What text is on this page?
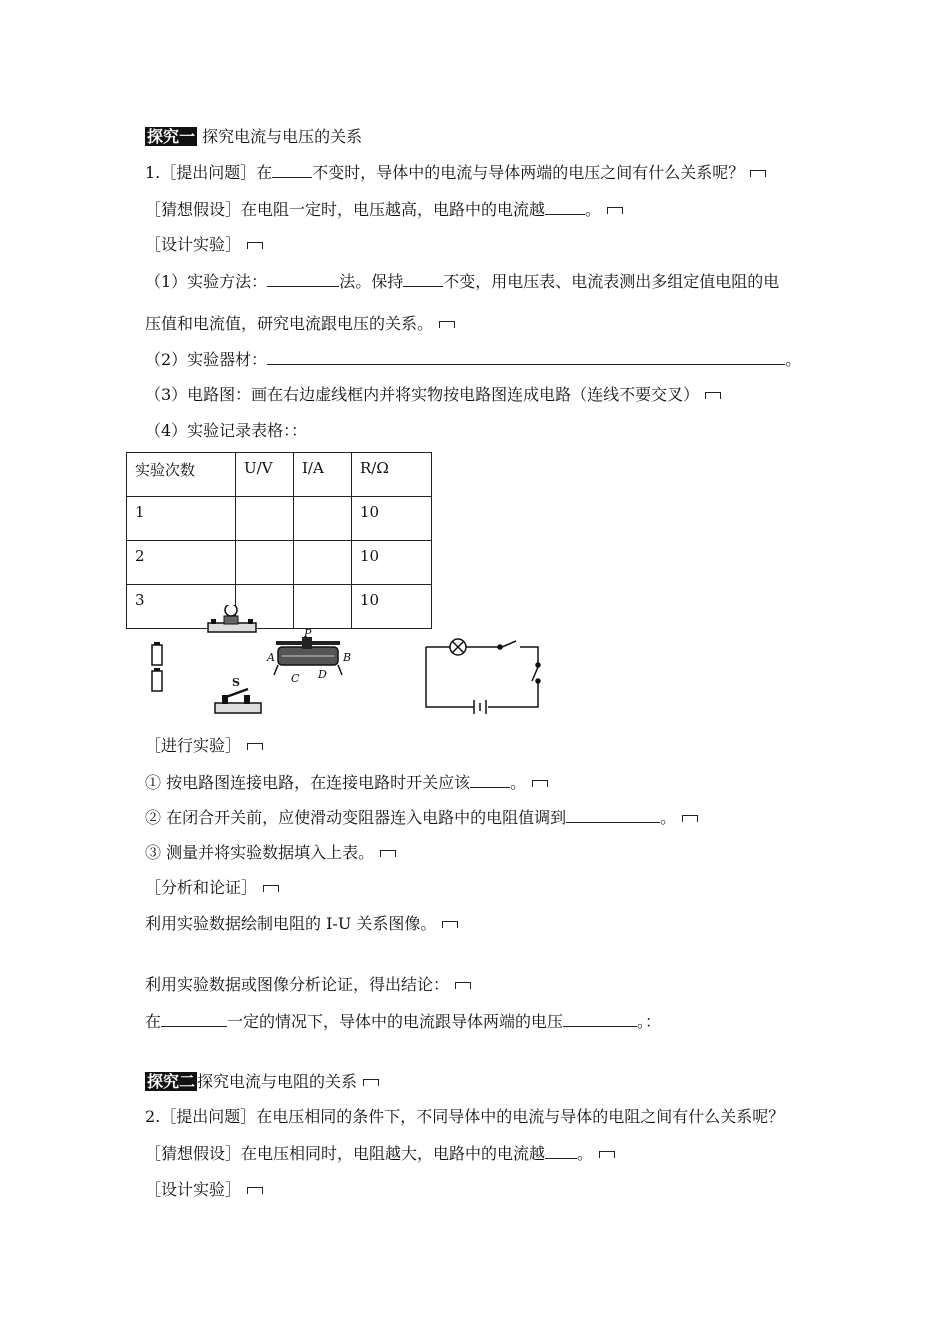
探究一 探究电流与电压的关系
1.［提出问题］在	不变时，导体中的电流与导体两端的电压之间有什么关系呢？
［猜想假设］在电阻一定时，电压越高，电路中的电流越	。
［设计实验］
（1）实验方法：	法。保持	不变，用电压表、电流表测出多组定值电阻的电
压值和电流值，研究电流跟电压的关系。
（2）实验器材：	。
（3）电路图：画在右边虚线框内并将实物按电路图连成电路（连线不要交叉）
（4）实验记录表格：：
实验次数	U/V	I/A	R/Ω
1			10
2			10
3			10
P
A	B
C D
S
［进行实验］
① 按电路图连接电路，在连接电路时开关应该	。
② 在闭合开关前，应使滑动变阻器连入电路中的电阻值调到	。
③ 测量并将实验数据填入上表。
［分析和论证］
利用实验数据绘制电阻的 I-U 关系图像。
利用实验数据或图像分析论证，得出结论：
在	一定的情况下，导体中的电流跟导体两端的电压	。：
探究二 探究电流与电阻的关系
2.［提出问题］在电压相同的条件下，不同导体中的电流与导体的电阻之间有什么关系呢？
［猜想假设］在电压相同时，电阻越大，电路中的电流越 。
［设计实验］
